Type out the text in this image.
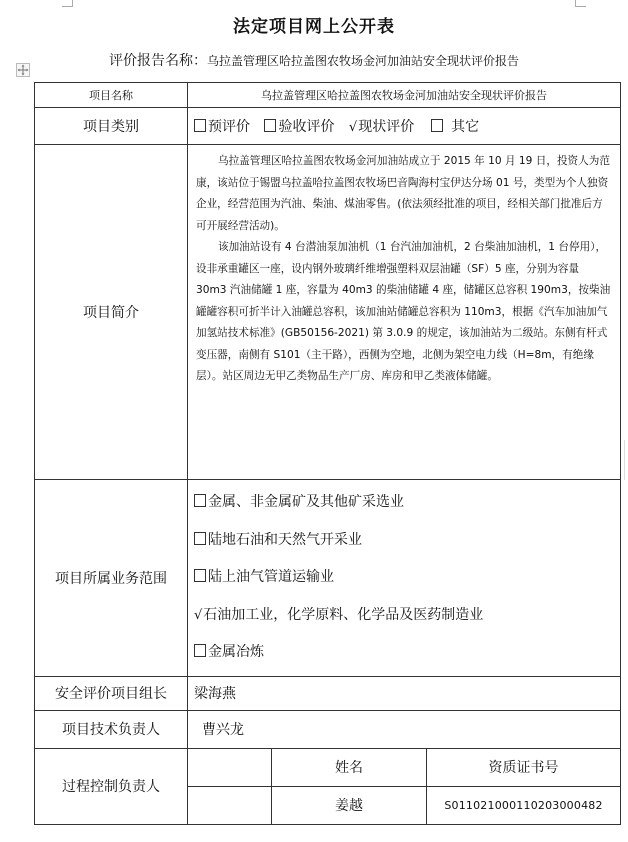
法定项目网上公开表
评价报告名称：乌拉盖管理区哈拉盖图农牧场金河加油站安全现状评价报告
项目名称	乌拉盖管理区哈拉盖图农牧场金河加油站安全现状评价报告		
项目类别	预评价 验收评价 √现状评价  其它		
项目简介	乌拉盖管理区哈拉盖图农牧场金河加油站成立于 2015 年 10 月 19 日，投资人为范康，该站位于锡盟乌拉盖哈拉盖图农牧场巴音陶海村宝伊达分场 01 号，类型为个人独资企业，经营范围为汽油、柴油、煤油零售。(依法须经批准的项目，经相关部门批准后方可开展经营活动)。

该加油站设有 4 台潜油泵加油机（1 台汽油加油机，2 台柴油加油机，1 台停用），设非承重罐区一座，设内钢外玻璃纤维增强塑料双层油罐（SF）5 座，分别为容量 30m3 汽油储罐 1 座，容量为 40m3 的柴油储罐 4 座，储罐区总容积 190m3，按柴油罐罐容积可折半计入油罐总容积，该加油站储罐总容积为 110m3，根据《汽车加油加气加氢站技术标准》(GB50156-2021) 第 3.0.9 的规定，该加油站为二级站。东侧有杆式变压器，南侧有 S101（主干路），西侧为空地，北侧为架空电力线（H=8m，有绝缘层）。站区周边无甲乙类物品生产厂房、库房和甲乙类液体储罐。		

项目所属业务范围	金属、非金属矿及其他矿采选业
陆地石油和天然气开采业
陆上油气管道运输业
√石油加工业，化学原料、化学品及医药制造业
金属冶炼		

安全评价项目组长	梁海燕		
项目技术负责人	曹兴龙		
过程控制负责人		姓名	资质证书号
		姜越	S011021000110203000482
